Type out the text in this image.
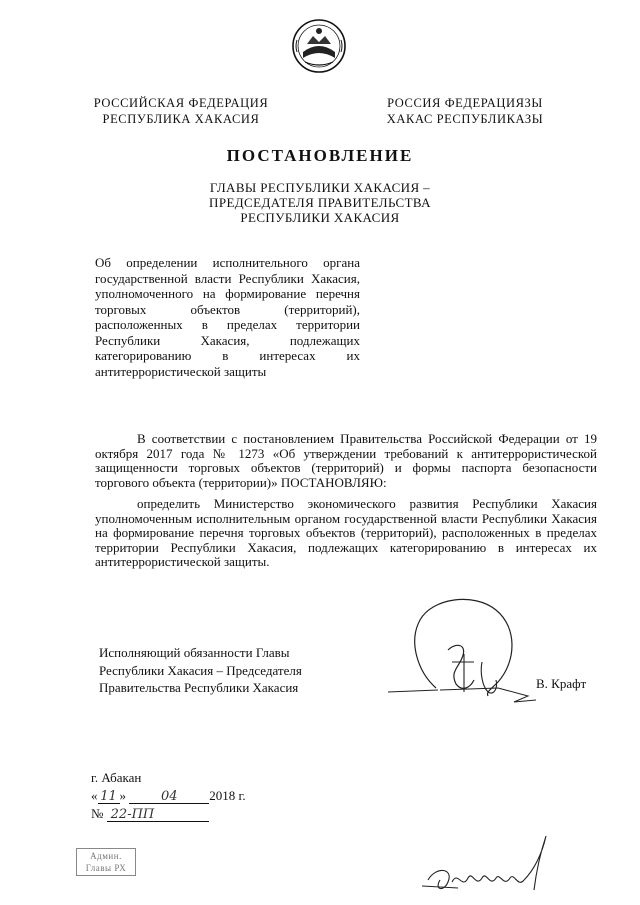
РОССИЙСКАЯ ФЕДЕРАЦИЯ
РЕСПУБЛИКА ХАКАСИЯ
РОССИЯ ФЕДЕРАЦИЯЗЫ
ХАКАС РЕСПУБЛИКАЗЫ
ПОСТАНОВЛЕНИЕ
ГЛАВЫ РЕСПУБЛИКИ ХАКАСИЯ –
ПРЕДСЕДАТЕЛЯ ПРАВИТЕЛЬСТВА
РЕСПУБЛИКИ ХАКАСИЯ
Об определении исполнительного органа государственной власти Республики Хакасия, уполномоченного на формирование перечня торговых объектов (территорий), расположенных в пределах территории Республики Хакасия, подлежащих категорированию в интересах их антитеррористической защиты
В соответствии с постановлением Правительства Российской Федерации от 19 октября 2017 года № 1273 «Об утверждении требований к антитеррористической защищенности торговых объектов (территорий) и формы паспорта безопасности торгового объекта (территории)» ПОСТАНОВЛЯЮ:
определить Министерство экономического развития Республики Хакасия уполномоченным исполнительным органом государственной власти Республики Хакасия на формирование перечня торговых объектов (территорий), расположенных в пределах территории Республики Хакасия, подлежащих категорированию в интересах их антитеррористической защиты.
Исполняющий обязанности Главы
Республики Хакасия – Председателя
Правительства Республики Хакасия	В. Крафт
г. Абакан
« 11 »	04 2018 г.
№ 22-ПП
Админ.
Главы РХ
